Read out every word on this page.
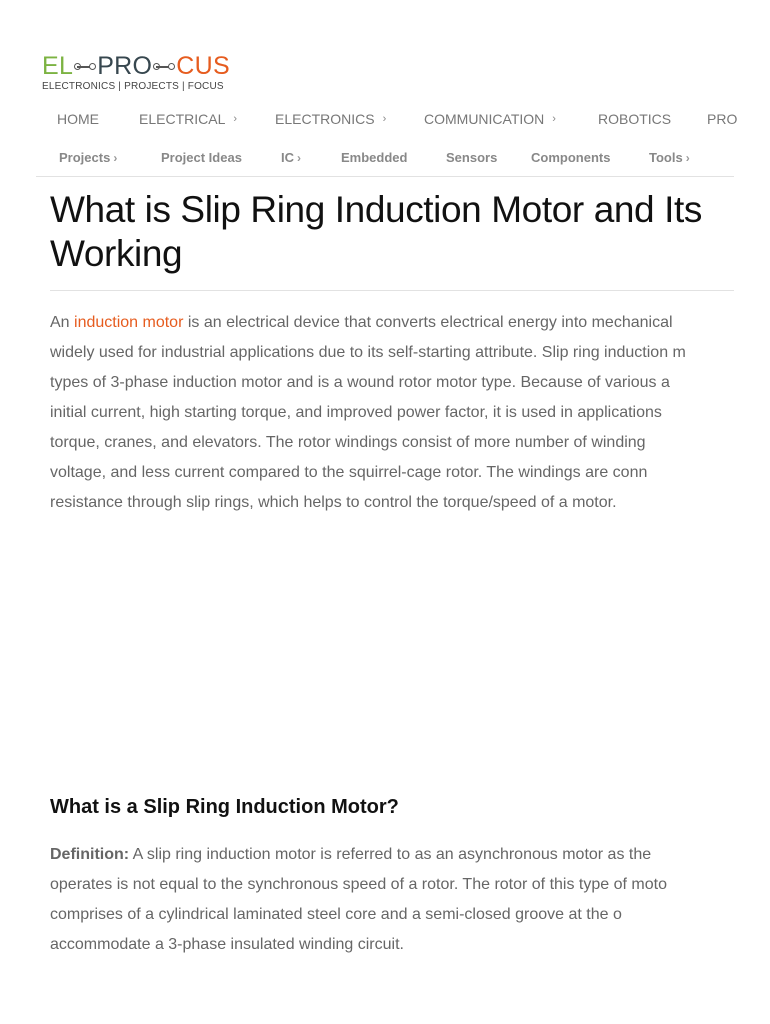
EL PRO CUS
ELECTRONICS | PROJECTS | FOCUS
HOME	ELECTRICAL ›	ELECTRONICS ›	COMMUNICATION ›	ROBOTICS	PRO
Projects ›	Project Ideas	IC ›	Embedded	Sensors	Components	Tools ›
What is Slip Ring Induction Motor and Its
Working

An induction motor is an electrical device that converts electrical energy into mechanical
widely used for industrial applications due to its self-starting attribute. Slip ring induction m
types of 3-phase induction motor and is a wound rotor motor type. Because of various a
initial current, high starting torque, and improved power factor, it is used in applications
torque, cranes, and elevators. The rotor windings consist of more number of winding
voltage, and less current compared to the squirrel-cage rotor. The windings are conn
resistance through slip rings, which helps to control the torque/speed of a motor.

What is a Slip Ring Induction Motor?

Definition: A slip ring induction motor is referred to as an asynchronous motor as the
operates is not equal to the synchronous speed of a rotor. The rotor of this type of moto
comprises of a cylindrical laminated steel core and a semi-closed groove at the o
accommodate a 3-phase insulated winding circuit.
